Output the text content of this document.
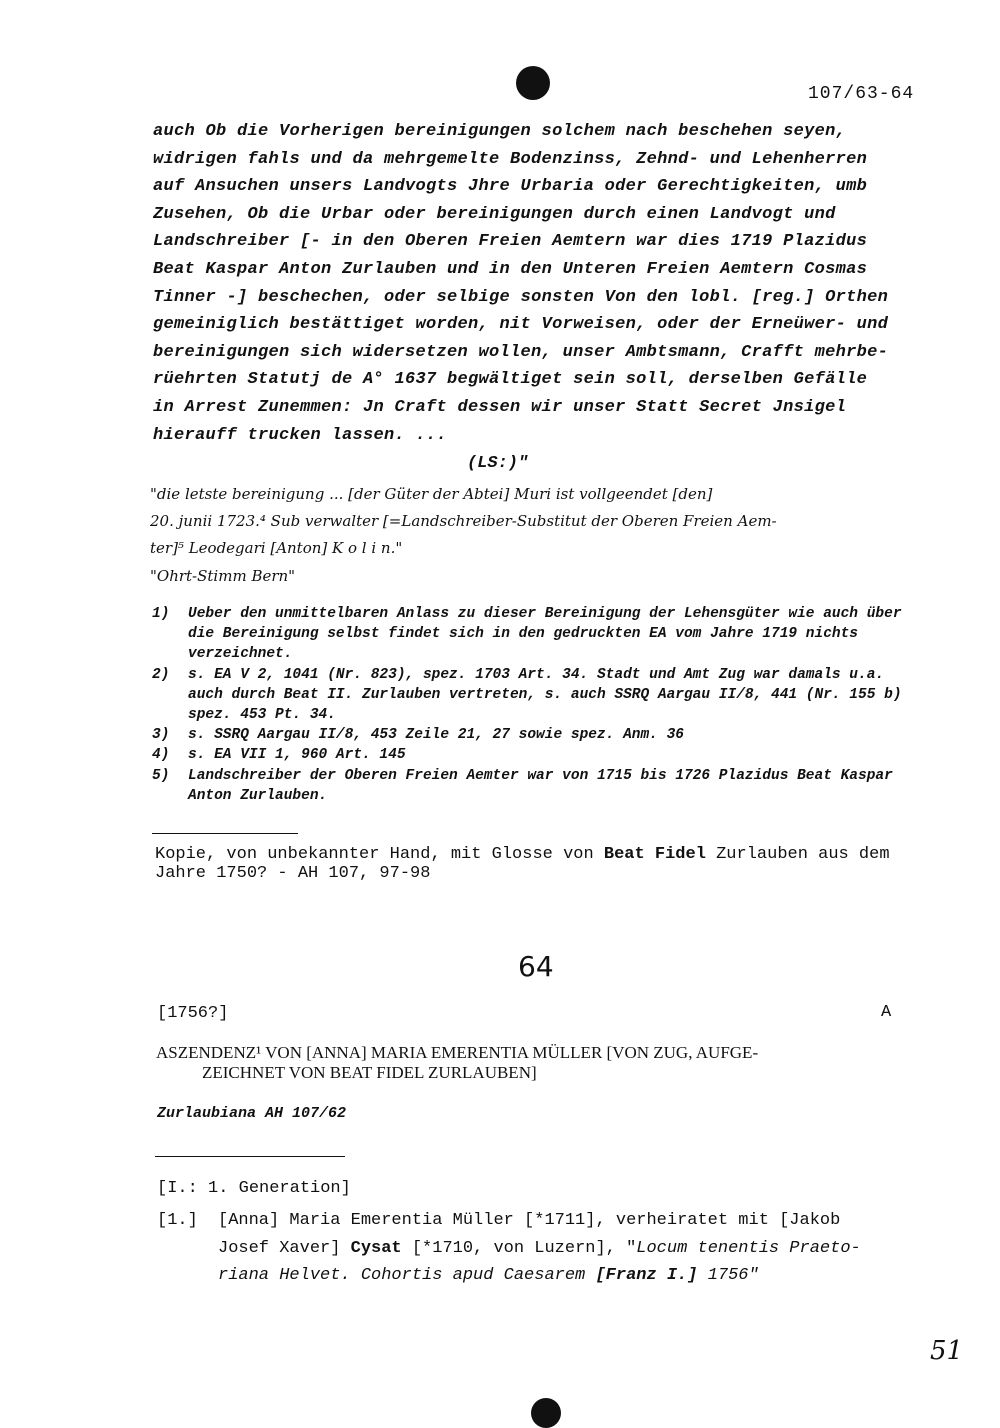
107/63-64
auch Ob die Vorherigen bereinigungen solchem nach beschehen seyen,
widrigen fahls und da mehrgemelte Bodenzinss, Zehnd- und Lehenherren
auf Ansuchen unsers Landvogts Jhre Urbaria oder Gerechtigkeiten, umb
Zusehen, Ob die Urbar oder bereinigungen durch einen Landvogt und
Landschreiber [- in den Oberen Freien Aemtern war dies 1719 Plazidus
Beat Kaspar Anton Zurlauben und in den Unteren Freien Aemtern Cosmas
Tinner -] beschechen, oder selbige sonsten Von den lobl. [reg.] Orthen
gemeiniglich bestättiget worden, nit Vorweisen, oder der Erneüwer- und
bereinigungen sich widersetzen wollen, unser Ambtsmann, Crafft mehrbe-
rüehrten Statutj de A° 1637 begwältiget sein soll, derselben Gefälle
in Arrest Zunemmen: Jn Craft dessen wir unser Statt Secret Jnsigel
hierauff trucken lassen. ...
(LS:)"
"die letste bereinigung ... [der Güter der Abtei] Muri ist vollgeendet [den]
20. junii 1723.⁴ Sub verwalter [=Landschreiber-Substitut der Oberen Freien Aem-
ter]⁵ Leodegari [Anton] K o l i n."
"Ohrt-Stimm Bern"
1)	Ueber den unmittelbaren Anlass zu dieser Bereinigung der Lehensgüter wie auch über die Bereinigung selbst findet sich in den gedruckten EA vom Jahre 1719 nichts verzeichnet.
2)	s. EA V 2, 1041 (Nr. 823), spez. 1703 Art. 34. Stadt und Amt Zug war damals u.a. auch durch Beat II. Zurlauben vertreten, s. auch SSRQ Aargau II/8, 441 (Nr. 155 b) spez. 453 Pt. 34.
3)	s. SSRQ Aargau II/8, 453 Zeile 21, 27 sowie spez. Anm. 36
4)	s. EA VII 1, 960 Art. 145
5)	Landschreiber der Oberen Freien Aemter war von 1715 bis 1726 Plazidus Beat Kaspar Anton Zurlauben.
Kopie, von unbekannter Hand, mit Glosse von Beat Fidel Zurlauben aus dem Jahre 1750? - AH 107, 97-98
64
[1756?]	A
ASZENDENZ¹ VON [ANNA] MARIA EMERENTIA MÜLLER [VON ZUG, AUFGE-
ZEICHNET VON BEAT FIDEL ZURLAUBEN]
Zurlaubiana AH 107/62
[I.: 1. Generation]
[1.] [Anna] Maria Emerentia Müller [*1711], verheiratet mit [Jakob
Josef Xaver] Cysat [*1710, von Luzern], "Locum tenentis Praeto-
riana Helvet. Cohortis apud Caesarem [Franz I.] 1756"
51
